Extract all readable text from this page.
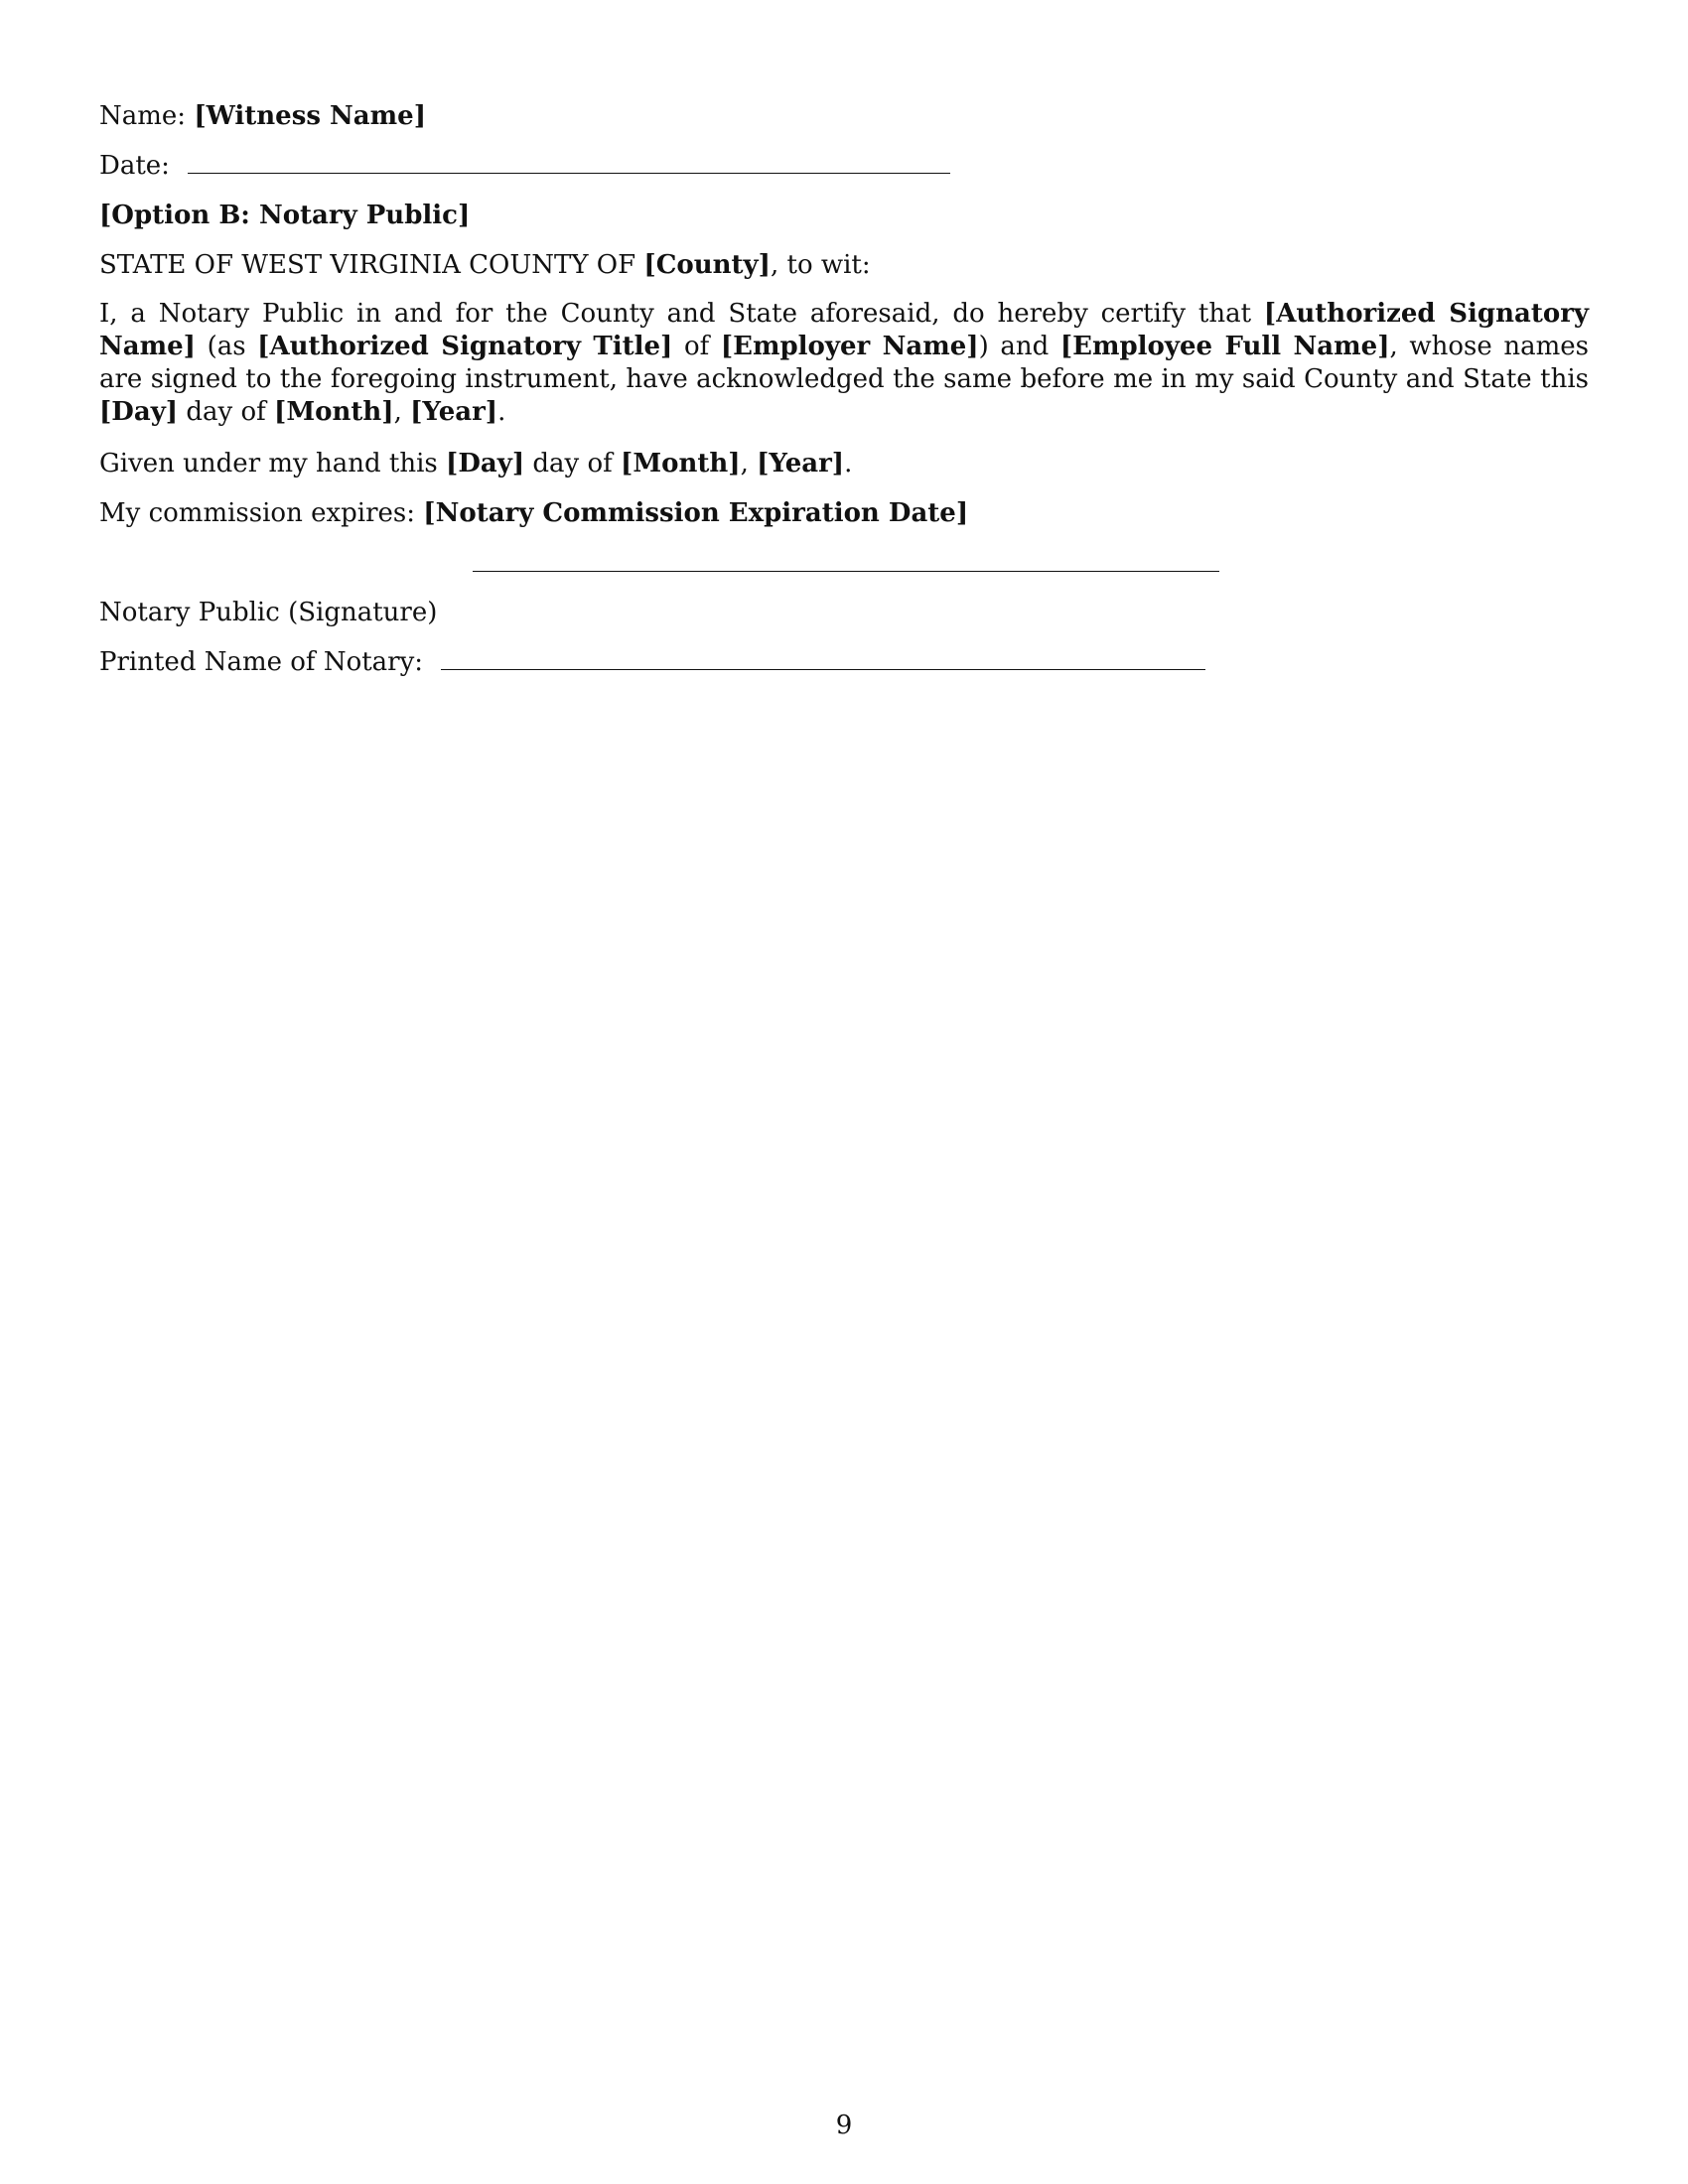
Name: [Witness Name]
Date:
[Option B: Notary Public]
STATE OF WEST VIRGINIA COUNTY OF [County], to wit:
I, a Notary Public in and for the County and State aforesaid, do hereby certify that [Authorized Signatory Name] (as [Authorized Signatory Title] of [Employer Name]) and [Employee Full Name], whose names are signed to the foregoing instrument, have acknowledged the same before me in my said County and State this [Day] day of [Month], [Year].
Given under my hand this [Day] day of [Month], [Year].
My commission expires: [Notary Commission Expiration Date]
Notary Public (Signature)
Printed Name of Notary:
9
